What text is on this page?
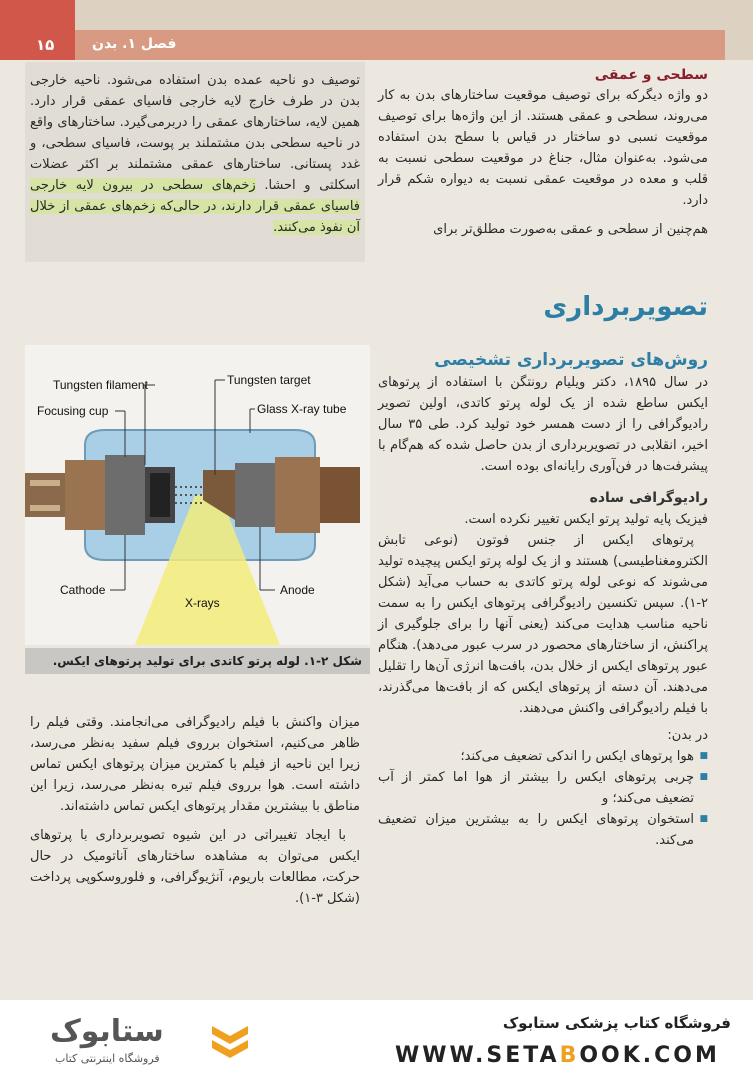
۱۵	فصل ۱. بدن
سطحی و عمقی
دو واژه دیگرکه برای توصیف موقعیت ساختارهای بدن به کار می‌روند، سطحی و عمقی هستند. از این واژه‌ها برای توصیف موقعیت نسبی دو ساختار در قیاس با سطح بدن استفاده می‌شود. به‌عنوان مثال، جناغ در موقعیت سطحی نسبت به قلب و معده در موقعیت عمقی نسبت به دیواره شکم قرار دارد.
هم‌چنین از سطحی و عمقی به‌صورت مطلق‌تر برای
توصیف دو ناحیه عمده بدن استفاده می‌شود. ناحیه خارجی بدن در طرف خارج لایه خارجی فاسیای عمقی قرار دارد. همین لایه، ساختارهای عمقی را دربرمی‌گیرد. ساختارهای واقع در ناحیه سطحی بدن مشتملند بر پوست، فاسیای سطحی، و غدد پستانی. ساختارهای عمقی مشتملند بر اکثر عضلات اسکلتی و احشا. زخم‌های سطحی در بیرون لایه خارجی فاسیای عمقی قرار دارند، در حالی‌که زخم‌های عمقی از خلال آن نفوذ می‌کنند.
تصویربرداری
روش‌های تصویربرداری تشخیصی
در سال ۱۸۹۵، دکتر ویلیام رونتگن با استفاده از پرتوهای ایکس ساطع شده از یک لوله پرتو کاتدی، اولین تصویر رادیوگرافی را از دست همسر خود تولید کرد. طی ۳۵ سال اخیر، انقلابی در تصویربرداری از بدن حاصل شده که هم‌گام با پیشرفت‌ها در فن‌آوری رایانه‌ای بوده است.
رادیوگرافی ساده
فیزیک پایه تولید پرتو ایکس تغییر نکرده است.
پرتوهای ایکس از جنس فوتون (نوعی تابش الکترومغناطیسی) هستند و از یک لوله پرتو ایکس پیچیده تولید می‌شوند که نوعی لوله پرتو کاتدی به حساب می‌آید (شکل ۲-۱). سپس تکنسین رادیوگرافی پرتوهای ایکس را به سمت ناحیه مناسب هدایت می‌کند (یعنی آنها را برای جلوگیری از پراکنش، از ساختارهای محصور در سرب عبور می‌دهد). هنگام عبور پرتوهای ایکس از خلال بدن، بافت‌ها انرژی آن‌ها را تقلیل می‌دهند. آن دسته از پرتوهای ایکس که از بافت‌ها می‌گذرند، با فیلم رادیوگرافی واکنش می‌دهند.
در بدن:
■ هوا پرتوهای ایکس را اندکی تضعیف می‌کند؛
■ چربی پرتوهای ایکس را بیشتر از هوا اما کمتر از آب تضعیف می‌کند؛ و
■ استخوان پرتوهای ایکس را به بیشترین میزان تضعیف می‌کند.
Tungsten filament
Focusing cup
Tungsten target
Glass X-ray tube
Cathode	Anode
X-rays
شکل ۲-۱. لوله پرتو کاتدی برای تولید پرتوهای ایکس.
میزان واکنش با فیلم رادیوگرافی می‌انجامند. وقتی فیلم را ظاهر می‌کنیم، استخوان برروی فیلم سفید به‌نظر می‌رسد، زیرا این ناحیه از فیلم با کمترین میزان پرتوهای ایکس تماس داشته است. هوا برروی فیلم تیره به‌نظر می‌رسد، زیرا این مناطق با بیشترین مقدار پرتوهای ایکس تماس داشته‌اند.
با ایجاد تغییراتی در این شیوه تصویربرداری با پرتوهای ایکس می‌توان به مشاهده ساختارهای آناتومیک در حال حرکت، مطالعات باریوم، آنژیوگرافی، و فلوروسکوپی پرداخت (شکل ۳-۱).
ستابوک
فروشگاه اینترنتی کتاب
فروشگاه کتاب پزشکی ستابوک
WWW.SETABOOK.COM
